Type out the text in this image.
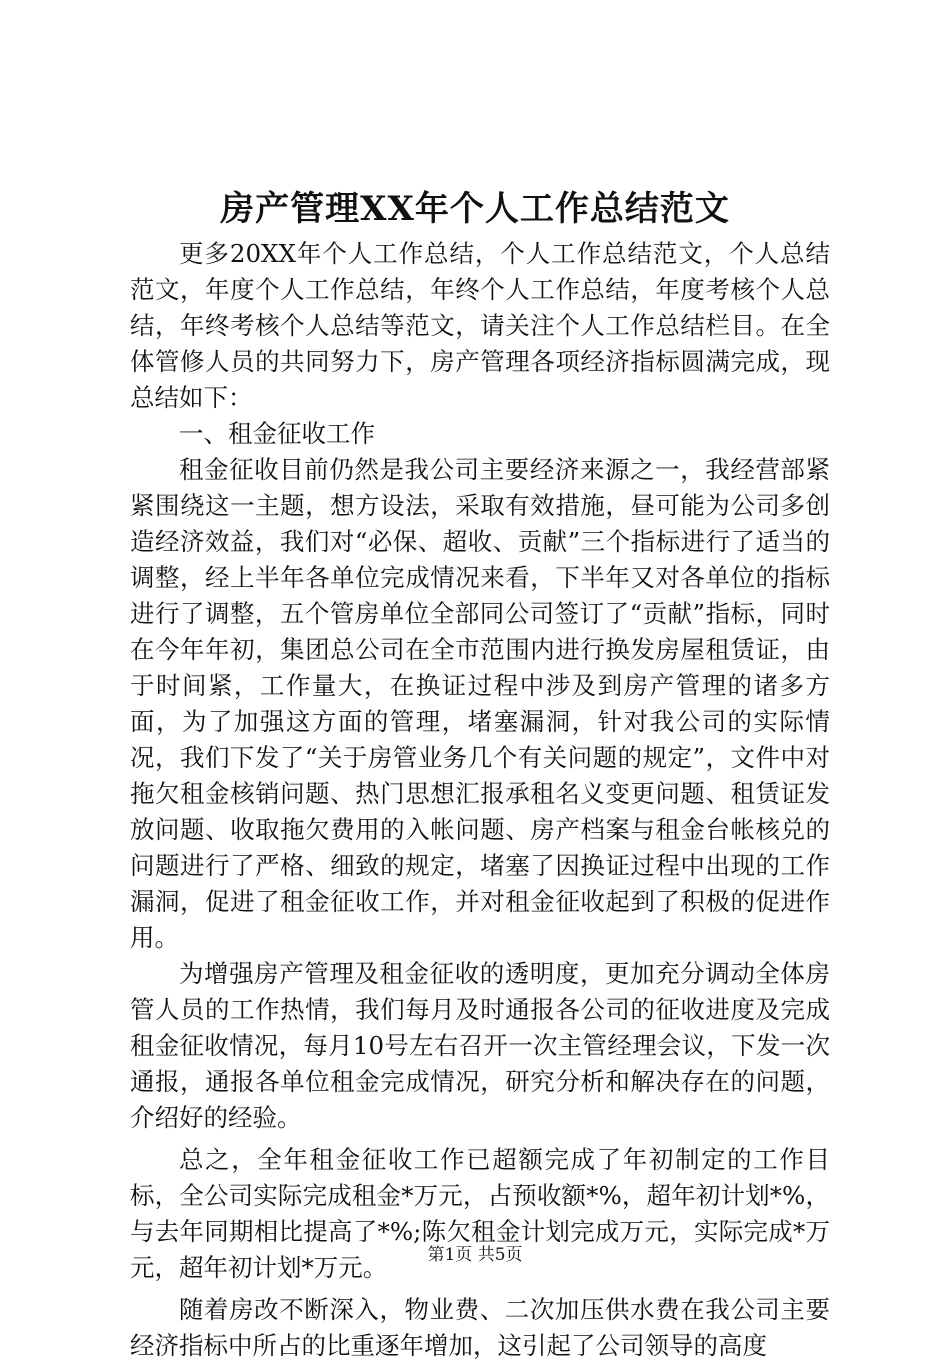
房产管理XX年个人工作总结范文

更多20XX年个人工作总结，个人工作总结范文，个人总结范文，年度个人工作总结，年终个人工作总结，年度考核个人总结，年终考核个人总结等范文，请关注个人工作总结栏目。在全体管修人员的共同努力下，房产管理各项经济指标圆满完成，现总结如下：

一、租金征收工作

租金征收目前仍然是我公司主要经济来源之一，我经营部紧紧围绕这一主题，想方设法，采取有效措施，昼可能为公司多创造经济效益，我们对“必保、超收、贡献”三个指标进行了适当的调整，经上半年各单位完成情况来看，下半年又对各单位的指标进行了调整，五个管房单位全部同公司签订了“贡献”指标，同时在今年年初，集团总公司在全市范围内进行换发房屋租赁证，由于时间紧，工作量大，在换证过程中涉及到房产管理的诸多方面，为了加强这方面的管理，堵塞漏洞，针对我公司的实际情况，我们下发了“关于房管业务几个有关问题的规定”，文件中对拖欠租金核销问题、热门思想汇报承租名义变更问题、租赁证发放问题、收取拖欠费用的入帐问题、房产档案与租金台帐核兑的问题进行了严格、细致的规定，堵塞了因换证过程中出现的工作漏洞，促进了租金征收工作，并对租金征收起到了积极的促进作用。

为增强房产管理及租金征收的透明度，更加充分调动全体房管人员的工作热情，我们每月及时通报各公司的征收进度及完成租金征收情况，每月10号左右召开一次主管经理会议，下发一次通报，通报各单位租金完成情况，研究分析和解决存在的问题，介绍好的经验。

总之，全年租金征收工作已超额完成了年初制定的工作目标，全公司实际完成租金*万元，占预收额*%，超年初计划*%，与去年同期相比提高了*%;陈欠租金计划完成万元，实际完成*万元，超年初计划*万元。

随着房改不断深入，物业费、二次加压供水费在我公司主要经济指标中所占的比重逐年增加，这引起了公司领导的高度

第1页 共5页
